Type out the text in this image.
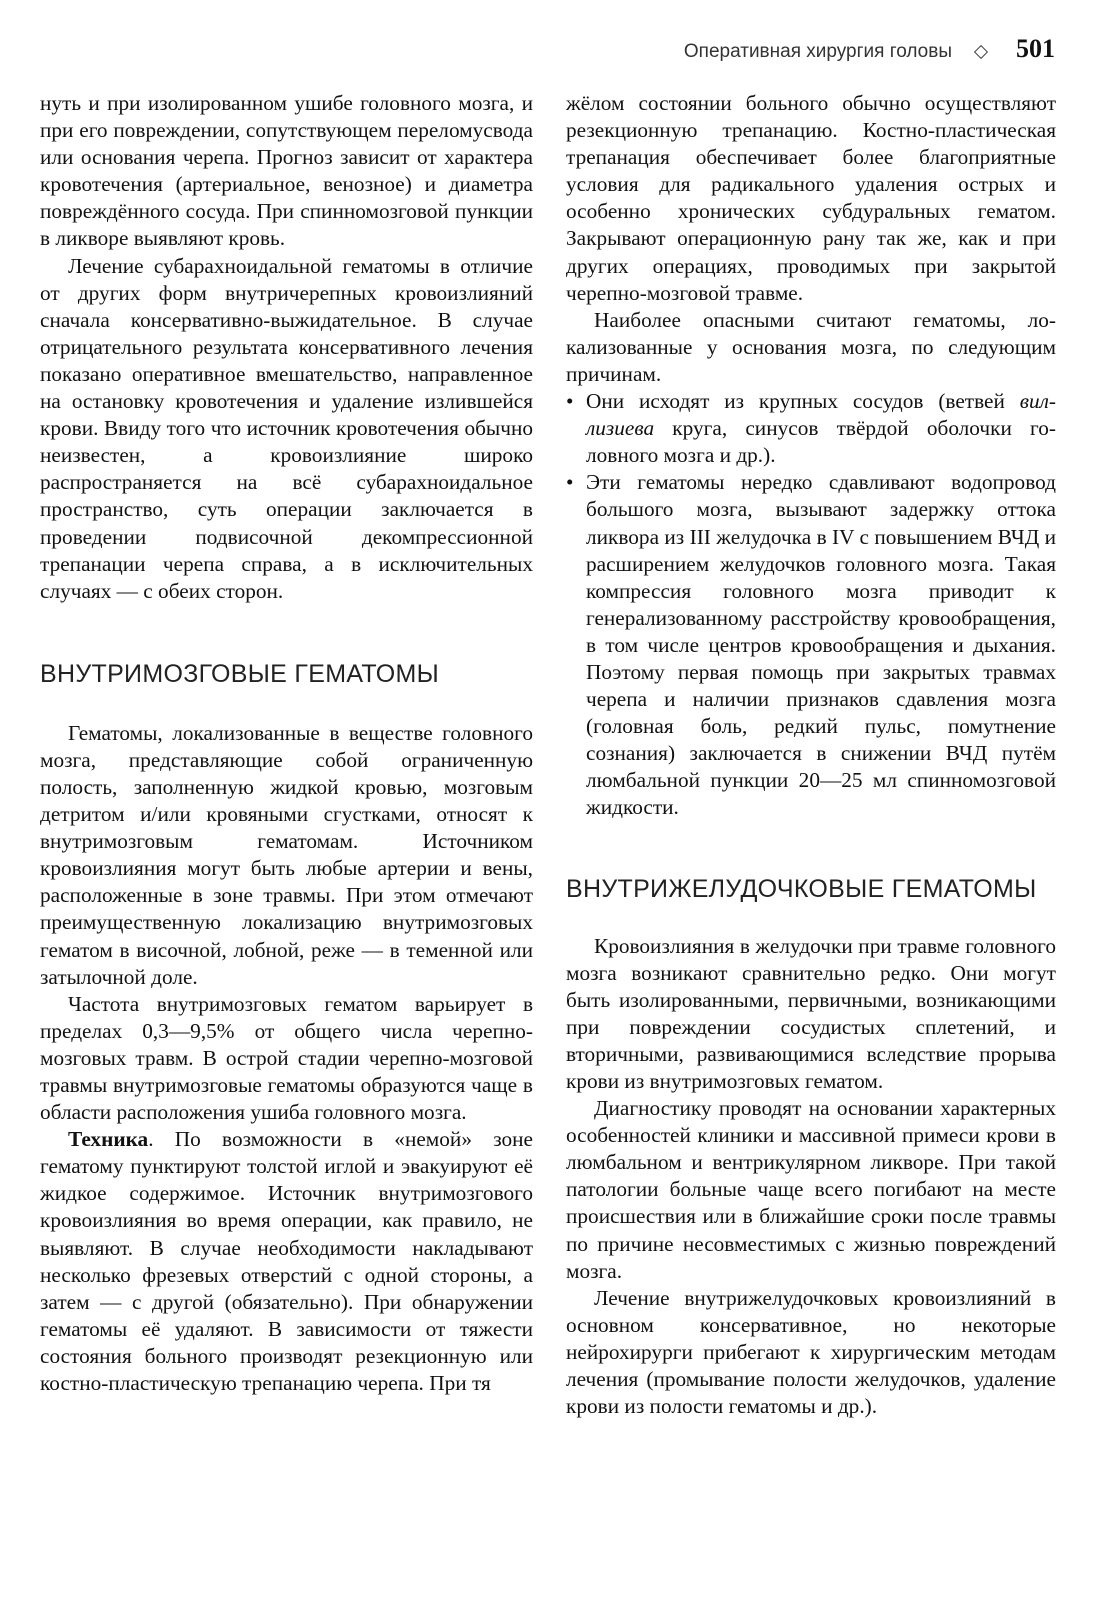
Оперативная хирургия головы 501

нуть и при изолированном ушибе головного мозга, и при его повреждении, сопутствующем переломусвода или основания черепа. Прогноз зависит от характера кровотечения (артериальное, венозное) и диаметра повреждённого сосуда. При спинномозговой пункции в ликворе выявляют кровь.

Лечение субарахноидальной гематомы в отличие от других форм внутричерепных кровоизлияний сначала консервативно-выжидательное. В случае отрицательного результата консервативного лечения показано оперативное вмешательство, направленное на остановку кровотечения и удаление излившейся крови. Ввиду того что источник кровотечения обычно неизвестен, а кровоизлияние широко распространяется на всё субарахноидальное пространство, суть операции заключается в проведении подвисочной декомпрессионной трепанации черепа справа, а в исключительных случаях — с обеих сторон.

ВНУТРИМОЗГОВЫЕ ГЕМАТОМЫ

Гематомы, локализованные в веществе головного мозга, представляющие собой ограниченную полость, заполненную жидкой кровью, мозговым детритом и/или кровяными сгустками, относят к внутримозговым гематомам. Источником кровоизлияния могут быть любые артерии и вены, расположенные в зоне травмы. При этом отмечают преимущественную локализацию внутримозговых гематом в височной, лобной, реже — в теменной или затылочной доле.

Частота внутримозговых гематом варьирует в пределах 0,3—9,5% от общего числа черепномозговых травм. В острой стадии черепно-мозговой травмы внутримозговые гематомы образуются чаще в области расположения ушиба головного мозга.

Техника. По возможности в «немой» зоне гематому пунктируют толстой иглой и эвакуируют её жидкое содержимое. Источник внутримозгового кровоизлияния во время операции, как правило, не выявляют. В случае необходимости накладывают несколько фрезевых отверстий с одной стороны, а затем — с другой (обязательно). При обнаружении гематомы её удаляют. В зависимости от тяжести состояния больного производят резекционную или костно-пластическую трепанацию черепа. При тя

жёлом состоянии больного обычно осуществляют резекционную трепанацию. Костно-пластическая трепанация обеспечивает более благоприятные условия для радикального удаления острых и особенно хронических субдуральных гематом. Закрывают операционную рану так же, как и при других операциях, проводимых при закрытой черепно-мозговой травме.

Наиболее опасными считают гематомы, локализованные у основания мозга, по следующим причинам.

• Они исходят из крупных сосудов (ветвей виллизиева круга, синусов твёрдой оболочки головного мозга и др.).
• Эти гематомы нередко сдавливают водопровод большого мозга, вызывают задержку оттока ликвора из III желудочка в IV с повышением ВЧД и расширением желудочков головного мозга. Такая компрессия головного мозга приводит к генерализованному расстройству кровообращения, в том числе центров кровообращения и дыхания. Поэтому первая помощь при закрытых травмах черепа и наличии признаков сдавления мозга (головная боль, редкий пульс, помутнение сознания) заключается в снижении ВЧД путём люмбальной пункции 20—25 мл спинномозговой жидкости.
ВНУТРИЖЕЛУДОЧКОВЫЕ ГЕМАТОМЫ

Кровоизлияния в желудочки при травме головного мозга возникают сравнительно редко. Они могут быть изолированными, первичными, возникающими при повреждении сосудистых сплетений, и вторичными, развивающимися вследствие прорыва крови из внутримозговых гематом.

Диагностику проводят на основании характерных особенностей клиники и массивной примеси крови в люмбальном и вентрикулярном ликворе. При такой патологии больные чаще всего погибают на месте происшествия или в ближайшие сроки после травмы по причине несовместимых с жизнью повреждений мозга.

Лечение внутрижелудочковых кровоизлияний в основном консервативное, но некоторые нейрохирурги прибегают к хирургическим методам лечения (промывание полости желудочков, удаление крови из полости гематомы и др.).
